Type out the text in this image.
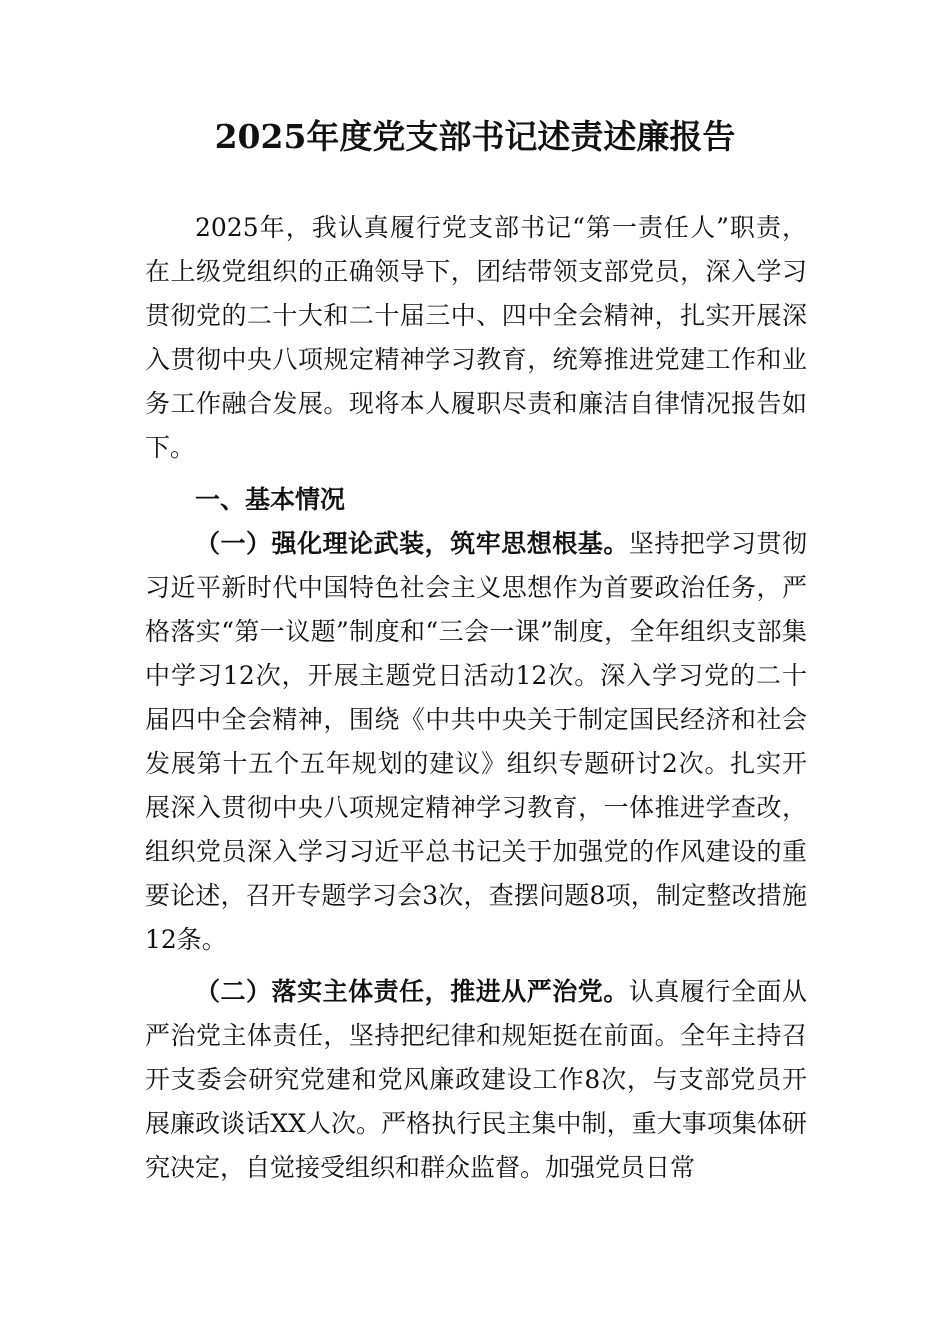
2025年度党支部书记述责述廉报告

2025年，我认真履行党支部书记“第一责任人”职责，在上级党组织的正确领导下，团结带领支部党员，深入学习贯彻党的二十大和二十届三中、四中全会精神，扎实开展深入贯彻中央八项规定精神学习教育，统筹推进党建工作和业务工作融合发展。现将本人履职尽责和廉洁自律情况报告如下。

一、基本情况

（一）强化理论武装，筑牢思想根基。坚持把学习贯彻习近平新时代中国特色社会主义思想作为首要政治任务，严格落实“第一议题”制度和“三会一课”制度，全年组织支部集中学习12次，开展主题党日活动12次。深入学习党的二十届四中全会精神，围绕《中共中央关于制定国民经济和社会发展第十五个五年规划的建议》组织专题研讨2次。扎实开展深入贯彻中央八项规定精神学习教育，一体推进学查改，组织党员深入学习习近平总书记关于加强党的作风建设的重要论述，召开专题学习会3次，查摆问题8项，制定整改措施12条。

（二）落实主体责任，推进从严治党。认真履行全面从严治党主体责任，坚持把纪律和规矩挺在前面。全年主持召开支委会研究党建和党风廉政建设工作8次，与支部党员开展廉政谈话XX人次。严格执行民主集中制，重大事项集体研究决定，自觉接受组织和群众监督。加强党员日常
